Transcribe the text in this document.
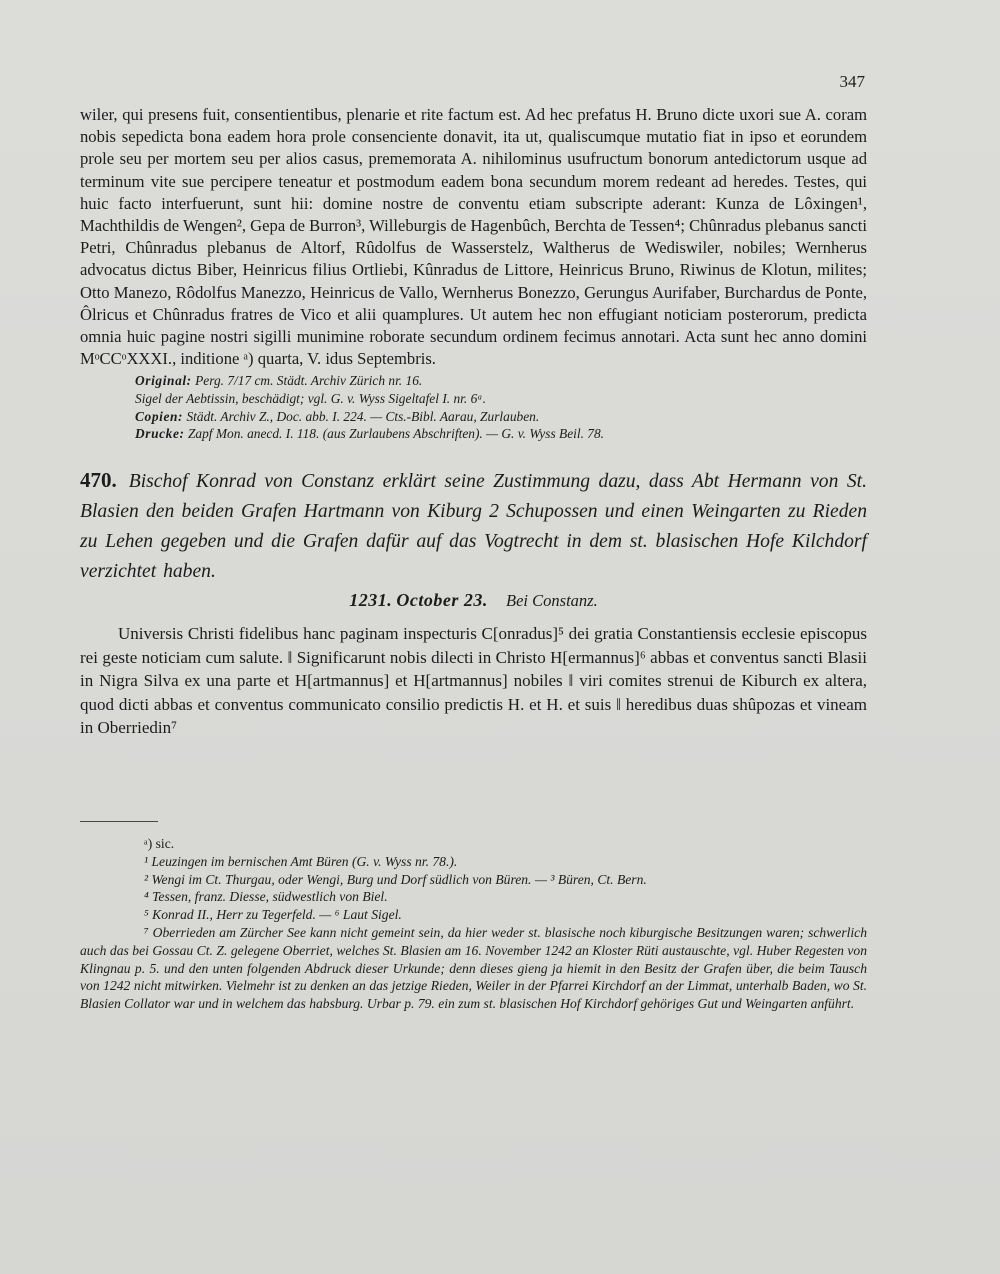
347

wiler, qui presens fuit, consentientibus, plenarie et rite factum est. Ad hec prefatus H. Bruno dicte uxori sue A. coram nobis sepedicta bona eadem hora prole consenciente donavit, ita ut, qualiscumque mutatio fiat in ipso et eorundem prole seu per mortem seu per alios casus, prememorata A. nihilominus usufructum bonorum antedictorum usque ad terminum vite sue percipere teneatur et postmodum eadem bona secundum morem redeant ad heredes. Testes, qui huic facto interfuerunt, sunt hii: domine nostre de conventu etiam subscripte aderant: Kunza de Lôxingen¹, Machthildis de Wengen², Gepa de Burron³, Willeburgis de Hagenbûch, Berchta de Tessen⁴; Chûnradus plebanus sancti Petri, Chûnradus plebanus de Altorf, Rûdolfus de Wasserstelz, Waltherus de Wediswiler, nobiles; Wernherus advocatus dictus Biber, Heinricus filius Ortliebi, Kûnradus de Littore, Heinricus Bruno, Riwinus de Klotun, milites; Otto Manezo, Rôdolfus Manezzo, Heinricus de Vallo, Wernherus Bonezzo, Gerungus Aurifaber, Burchardus de Ponte, Ôlricus et Chûnradus fratres de Vico et alii quamplures. Ut autem hec non effugiant noticiam posterorum, predicta omnia huic pagine nostri sigilli munimine roborate secundum ordinem fecimus annotari. Acta sunt hec anno domini MᵒCCᵒXXXI., inditione ᵃ) quarta, V. idus Septembris.

Original: Perg. 7/17 cm. Städt. Archiv Zürich nr. 16.
Sigel der Aebtissin, beschädigt; vgl. G. v. Wyss Sigeltafel I. nr. 6ᵃ.
Copien: Städt. Archiv Z., Doc. abb. I. 224. — Cts.-Bibl. Aarau, Zurlauben.
Drucke: Zapf Mon. anecd. I. 118. (aus Zurlaubens Abschriften). — G. v. Wyss Beil. 78.
470. Bischof Konrad von Constanz erklärt seine Zustimmung dazu, dass Abt Hermann von St. Blasien den beiden Grafen Hartmann von Kiburg 2 Schupossen und einen Weingarten zu Rieden zu Lehen gegeben und die Grafen dafür auf das Vogtrecht in dem st. blasischen Hofe Kilchdorf verzichtet haben.
1231. October 23. Bei Constanz.

Universis Christi fidelibus hanc paginam inspecturis C[onradus]⁵ dei gratia Constantiensis ecclesie episcopus rei geste noticiam cum salute. ‖ Significarunt nobis dilecti in Christo H[ermannus]⁶ abbas et conventus sancti Blasii in Nigra Silva ex una parte et H[artmannus] et H[artmannus] nobiles ‖ viri comites strenui de Kiburch ex altera, quod dicti abbas et conventus communicato consilio predictis H. et H. et suis ‖ heredibus duas shûpozas et vineam in Oberriedin⁷

ᵃ) sic.
¹ Leuzingen im bernischen Amt Büren (G. v. Wyss nr. 78.).
² Wengi im Ct. Thurgau, oder Wengi, Burg und Dorf südlich von Büren. — ³ Büren, Ct. Bern.
⁴ Tessen, franz. Diesse, südwestlich von Biel.
⁵ Konrad II., Herr zu Tegerfeld. — ⁶ Laut Sigel.
⁷ Oberrieden am Zürcher See kann nicht gemeint sein, da hier weder st. blasische noch kiburgische Besitzungen waren; schwerlich auch das bei Gossau Ct. Z. gelegene Oberriet, welches St. Blasien am 16. November 1242 an Kloster Rüti austauschte, vgl. Huber Regesten von Klingnau p. 5. und den unten folgenden Abdruck dieser Urkunde; denn dieses gieng ja hiemit in den Besitz der Grafen über, die beim Tausch von 1242 nicht mitwirken. Vielmehr ist zu denken an das jetzige Rieden, Weiler in der Pfarrei Kirchdorf an der Limmat, unterhalb Baden, wo St. Blasien Collator war und in welchem das habsburg. Urbar p. 79. ein zum st. blasischen Hof Kirchdorf gehöriges Gut und Weingarten anführt.
